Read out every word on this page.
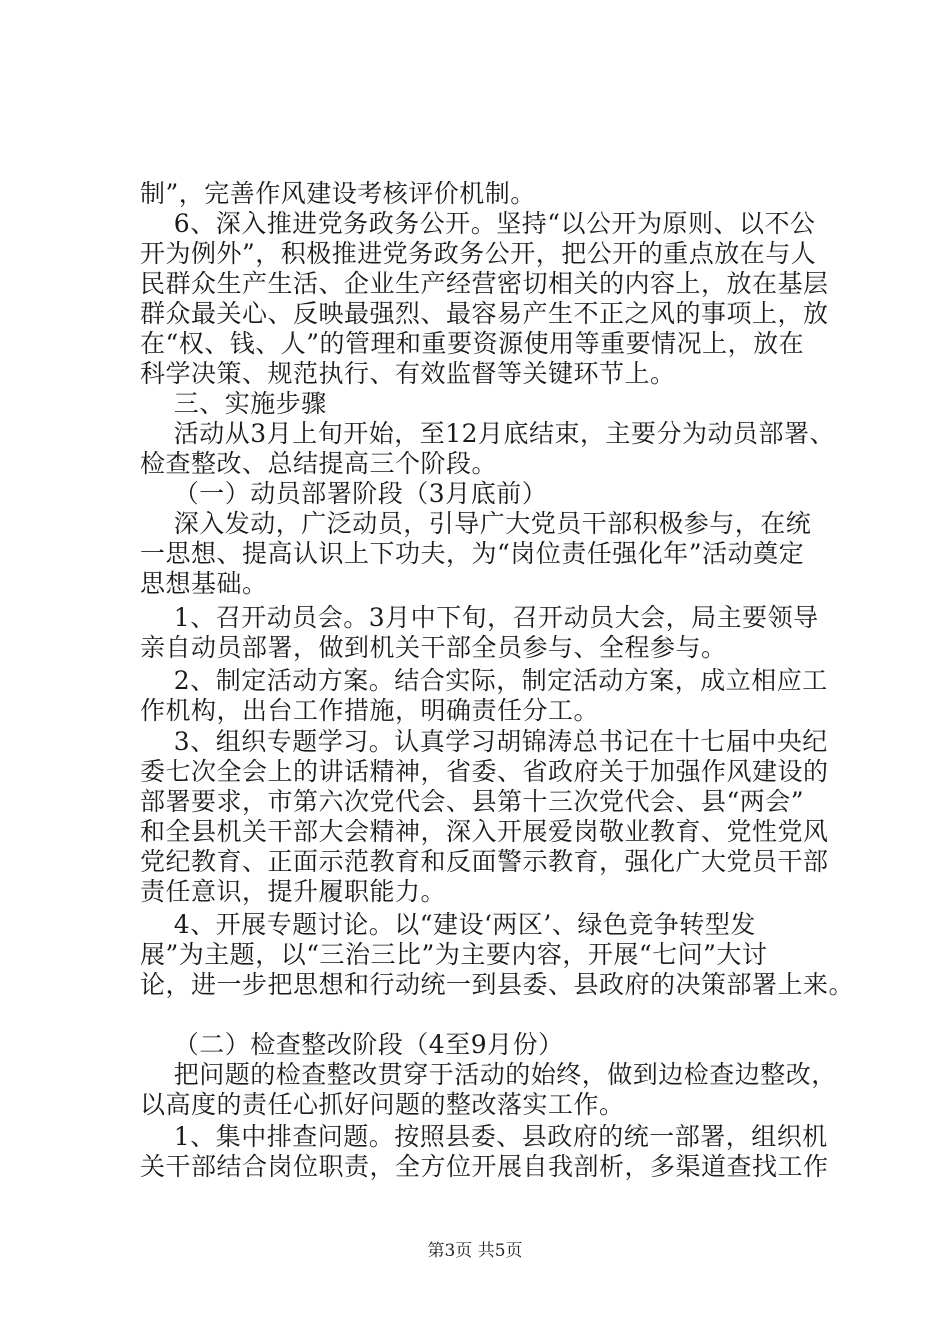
制”，完善作风建设考核评价机制。
6、深入推进党务政务公开。坚持“以公开为原则、以不公
开为例外”，积极推进党务政务公开，把公开的重点放在与人
民群众生产生活、企业生产经营密切相关的内容上，放在基层
群众最关心、反映最强烈、最容易产生不正之风的事项上，放
在“权、钱、人”的管理和重要资源使用等重要情况上，放在
科学决策、规范执行、有效监督等关键环节上。
三、实施步骤
活动从3月上旬开始，至12月底结束，主要分为动员部署、
检查整改、总结提高三个阶段。
（一）动员部署阶段（3月底前）
深入发动，广泛动员，引导广大党员干部积极参与，在统
一思想、提高认识上下功夫，为“岗位责任强化年”活动奠定
思想基础。
1、召开动员会。3月中下旬，召开动员大会，局主要领导
亲自动员部署，做到机关干部全员参与、全程参与。
2、制定活动方案。结合实际，制定活动方案，成立相应工
作机构，出台工作措施，明确责任分工。
3、组织专题学习。认真学习胡锦涛总书记在十七届中央纪
委七次全会上的讲话精神，省委、省政府关于加强作风建设的
部署要求，市第六次党代会、县第十三次党代会、县“两会”
和全县机关干部大会精神，深入开展爱岗敬业教育、党性党风
党纪教育、正面示范教育和反面警示教育，强化广大党员干部
责任意识，提升履职能力。
4、开展专题讨论。以“建设‘两区’、绿色竞争转型发
展”为主题，以“三治三比”为主要内容，开展“七问”大讨
论，进一步把思想和行动统一到县委、县政府的决策部署上来。
（二）检查整改阶段（4至9月份）
把问题的检查整改贯穿于活动的始终，做到边检查边整改，
以高度的责任心抓好问题的整改落实工作。
1、集中排查问题。按照县委、县政府的统一部署，组织机
关干部结合岗位职责，全方位开展自我剖析，多渠道查找工作
第3页 共5页
